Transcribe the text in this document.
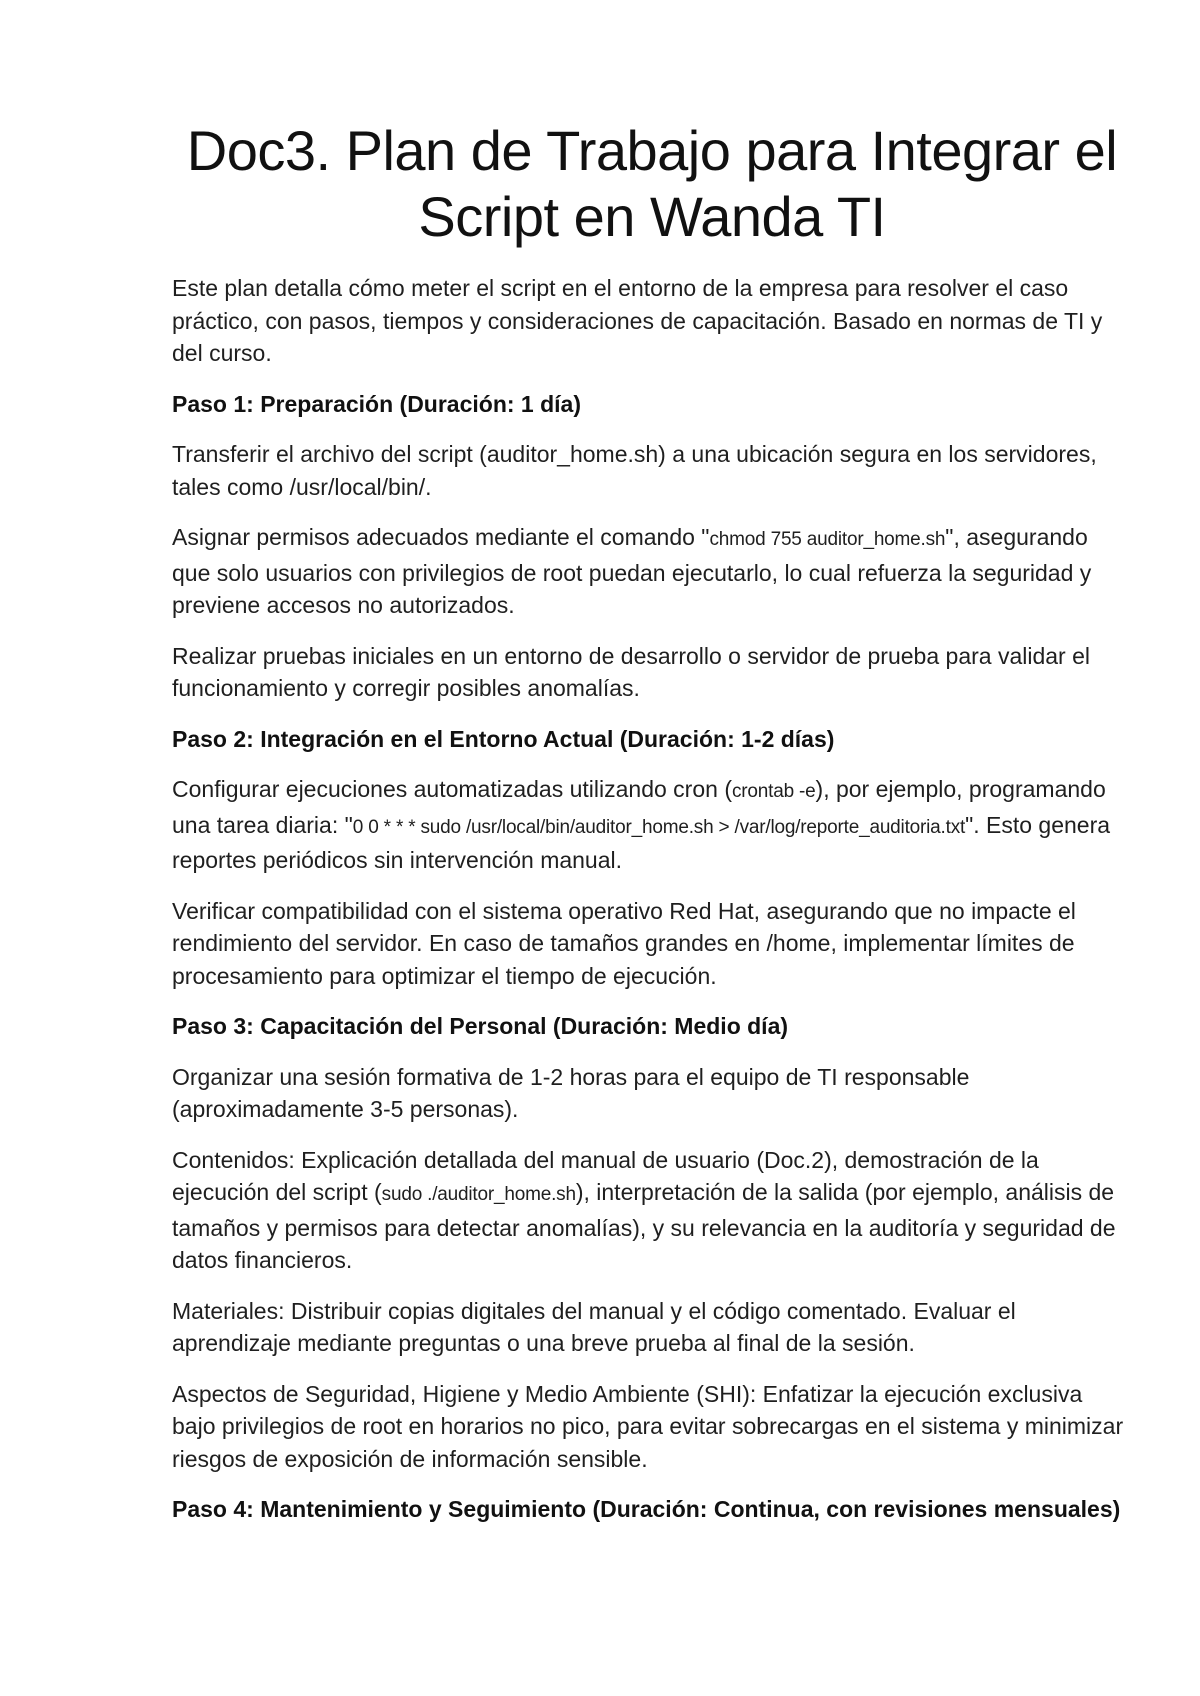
Doc3. Plan de Trabajo para Integrar el Script en Wanda TI

Este plan detalla cómo meter el script en el entorno de la empresa para resolver el caso práctico, con pasos, tiempos y consideraciones de capacitación. Basado en normas de TI y del curso.

Paso 1: Preparación (Duración: 1 día)

Transferir el archivo del script (auditor_home.sh) a una ubicación segura en los servidores, tales como /usr/local/bin/.

Asignar permisos adecuados mediante el comando "chmod 755 auditor_home.sh", asegurando que solo usuarios con privilegios de root puedan ejecutarlo, lo cual refuerza la seguridad y previene accesos no autorizados.

Realizar pruebas iniciales en un entorno de desarrollo o servidor de prueba para validar el funcionamiento y corregir posibles anomalías.

Paso 2: Integración en el Entorno Actual (Duración: 1-2 días)

Configurar ejecuciones automatizadas utilizando cron (crontab -e), por ejemplo, programando una tarea diaria: "0 0 * * * sudo /usr/local/bin/auditor_home.sh > /var/log/reporte_auditoria.txt". Esto genera reportes periódicos sin intervención manual.

Verificar compatibilidad con el sistema operativo Red Hat, asegurando que no impacte el rendimiento del servidor. En caso de tamaños grandes en /home, implementar límites de procesamiento para optimizar el tiempo de ejecución.

Paso 3: Capacitación del Personal (Duración: Medio día)

Organizar una sesión formativa de 1-2 horas para el equipo de TI responsable (aproximadamente 3-5 personas).

Contenidos: Explicación detallada del manual de usuario (Doc.2), demostración de la ejecución del script (sudo ./auditor_home.sh), interpretación de la salida (por ejemplo, análisis de tamaños y permisos para detectar anomalías), y su relevancia en la auditoría y seguridad de datos financieros.

Materiales: Distribuir copias digitales del manual y el código comentado. Evaluar el aprendizaje mediante preguntas o una breve prueba al final de la sesión.

Aspectos de Seguridad, Higiene y Medio Ambiente (SHI): Enfatizar la ejecución exclusiva bajo privilegios de root en horarios no pico, para evitar sobrecargas en el sistema y minimizar riesgos de exposición de información sensible.

Paso 4: Mantenimiento y Seguimiento (Duración: Continua, con revisiones mensuales)
